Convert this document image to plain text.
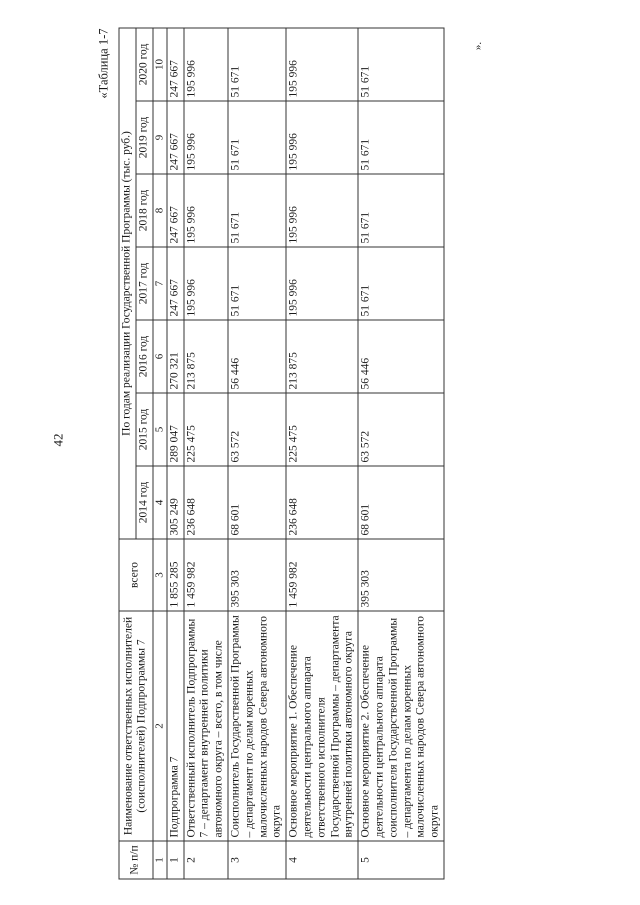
42
».
«Таблица 1-7
№ п/п	Наименование ответственных исполнителей (соисполнителей) Подпрограммы 7	всего	По годам реализации Государственной Программы (тыс. руб.)						
			2014 год	2015 год	2016 год	2017 год	2018 год	2019 год	2020 год
1	2	3	4	5	6	7	8	9	10
1	Подпрограмма 7	1 855 285	305 249	289 047	270 321	247 667	247 667	247 667	247 667
2	Ответственный исполнитель Подпрограммы 7 – департамент внутренней политики автономного округа – всего, в том числе	1 459 982	236 648	225 475	213 875	195 996	195 996	195 996	195 996
3	Соисполнитель Государственной Программы – департамент по делам коренных малочисленных народов Севера автономного округа	395 303	68 601	63 572	56 446	51 671	51 671	51 671	51 671
4	Основное мероприятие 1. Обеспечение деятельности центрального аппарата ответственного исполнителя Государственной Программы – департамента внутренней политики автономного округа	1 459 982	236 648	225 475	213 875	195 996	195 996	195 996	195 996
5	Основное мероприятие 2. Обеспечение деятельности центрального аппарата соисполнителя Государственной Программы – департамента по делам коренных малочисленных народов Севера автономного округа	395 303	68 601	63 572	56 446	51 671	51 671	51 671	51 671
